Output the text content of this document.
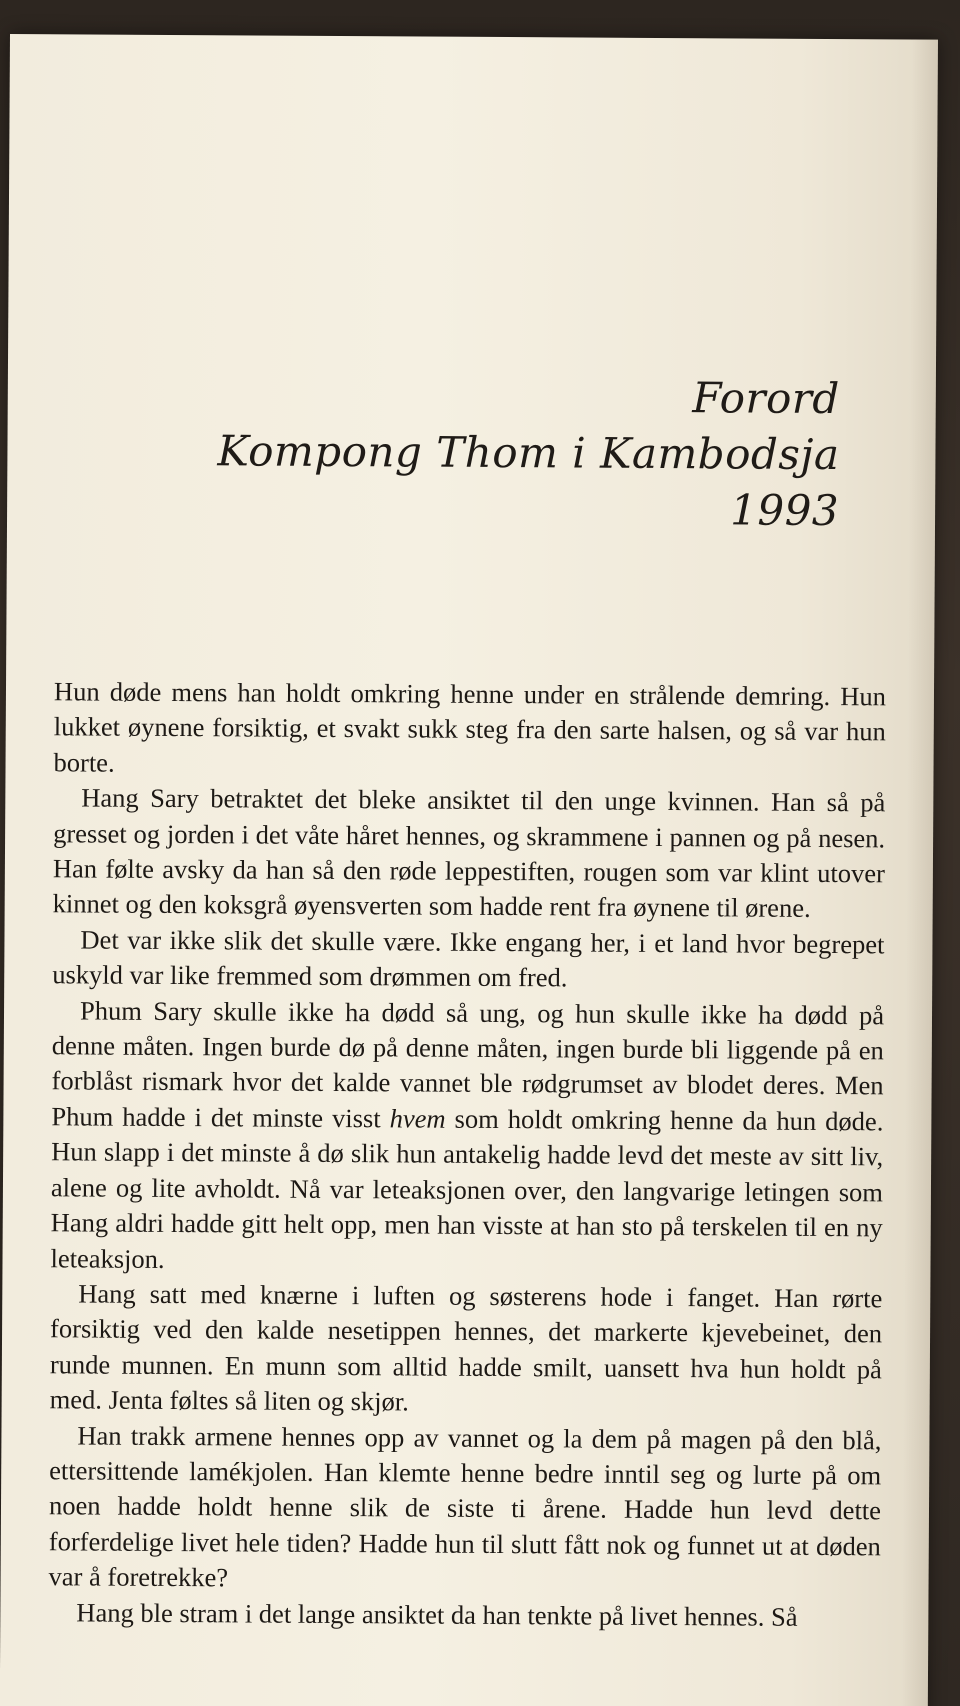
Forord
Kompong Thom i Kambodsja
1993

Hun døde mens han holdt omkring henne under en strålende demring. Hun lukket øynene forsiktig, et svakt sukk steg fra den sarte halsen, og så var hun borte.

Hang Sary betraktet det bleke ansiktet til den unge kvinnen. Han så på gresset og jorden i det våte håret hennes, og skrammene i pannen og på nesen. Han følte avsky da han så den røde leppestiften, rougen som var klint utover kinnet og den koksgrå øyensverten som hadde rent fra øynene til ørene.

Det var ikke slik det skulle være. Ikke engang her, i et land hvor begrepet uskyld var like fremmed som drømmen om fred.

Phum Sary skulle ikke ha dødd så ung, og hun skulle ikke ha dødd på denne måten. Ingen burde dø på denne måten, ingen burde bli liggende på en forblåst rismark hvor det kalde vannet ble rødgrumset av blodet deres. Men Phum hadde i det minste visst hvem som holdt omkring henne da hun døde. Hun slapp i det minste å dø slik hun antakelig hadde levd det meste av sitt liv, alene og lite avholdt. Nå var leteaksjonen over, den langvarige letingen som Hang aldri hadde gitt helt opp, men han visste at han sto på terskelen til en ny leteaksjon.

Hang satt med knærne i luften og søsterens hode i fanget. Han rørte forsiktig ved den kalde nesetippen hennes, det markerte kjevebeinet, den runde munnen. En munn som alltid hadde smilt, uansett hva hun holdt på med. Jenta føltes så liten og skjør.

Han trakk armene hennes opp av vannet og la dem på magen på den blå, ettersittende lamékjolen. Han klemte henne bedre inntil seg og lurte på om noen hadde holdt henne slik de siste ti årene. Hadde hun levd dette forferdelige livet hele tiden? Hadde hun til slutt fått nok og funnet ut at døden var å foretrekke?

Hang ble stram i det lange ansiktet da han tenkte på livet hennes. Så
